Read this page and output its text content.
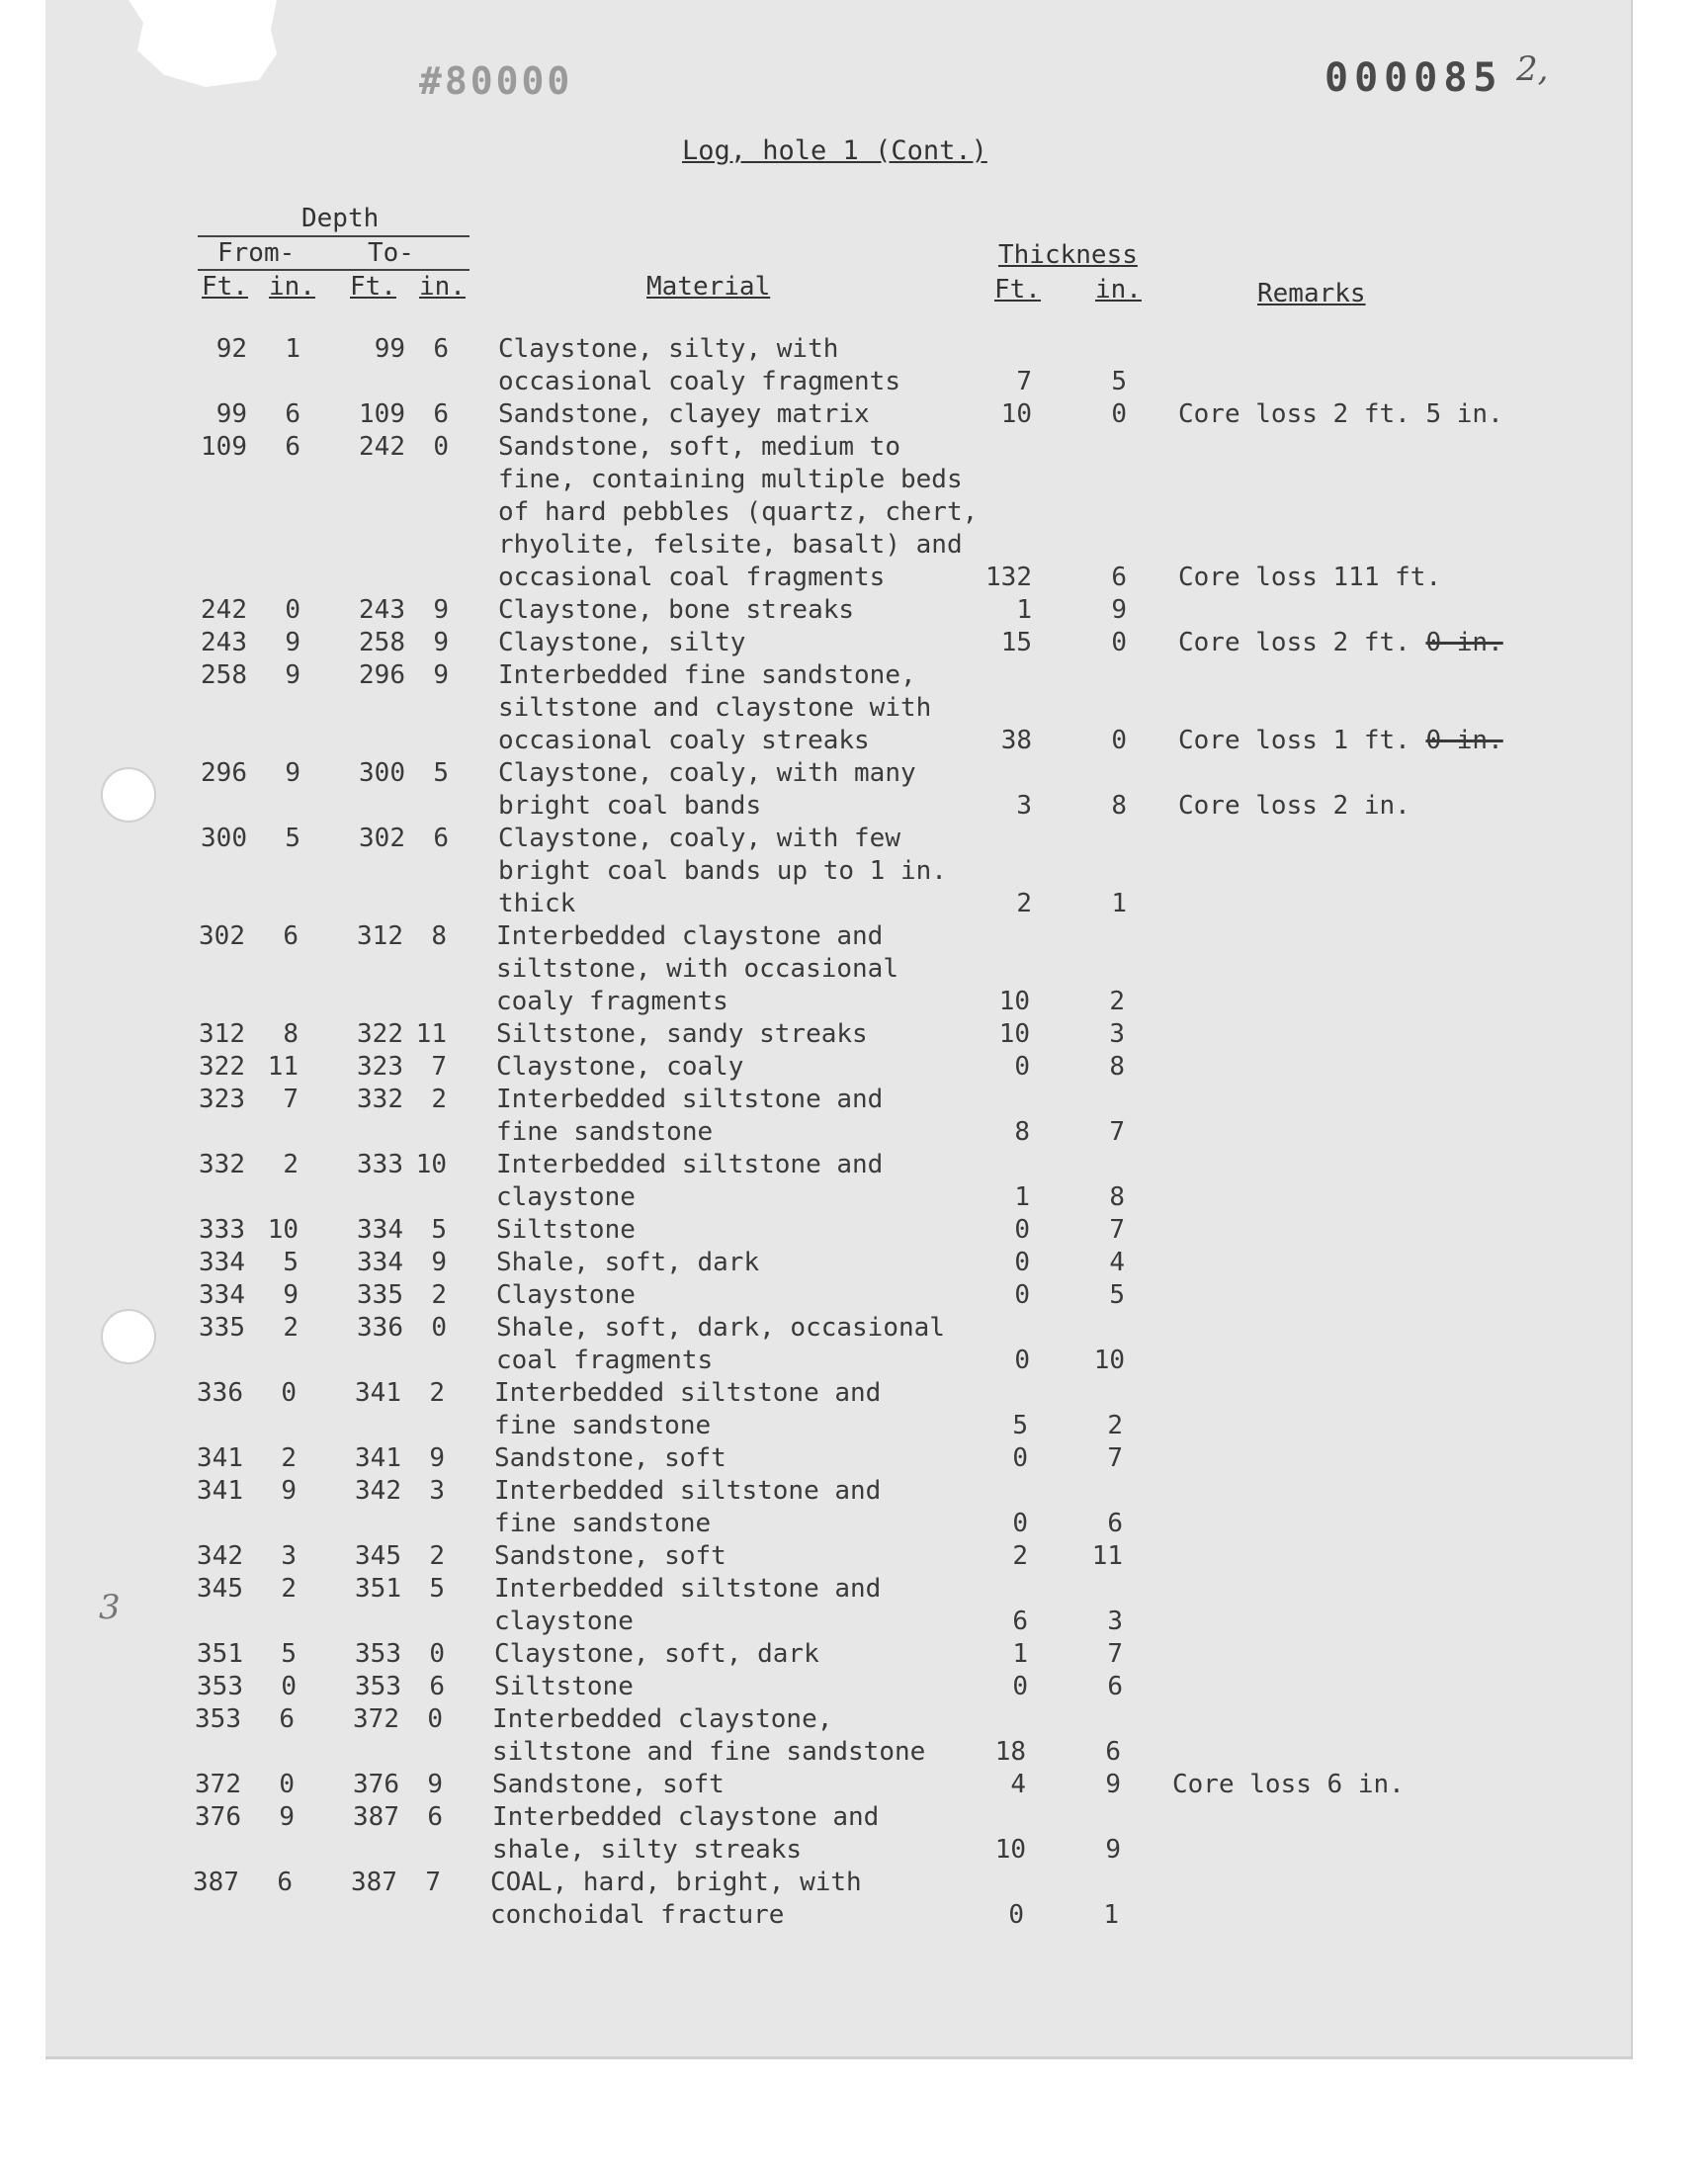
#80000	000085 2,
Log, hole 1 (Cont.)
Depth
From-	To-
Ft. in. Ft. in.	Material
Thickness
Ft. in.	Remarks
92	1	99	6 Claystone, silty, with
occasional coaly fragments	7	5
99	6	109	6 Sandstone, clayey matrix	10	0 Core loss 2 ft. 5 in.
109	6	242	0 Sandstone, soft, medium to
fine, containing multiple beds
of hard pebbles (quartz, chert,
rhyolite, felsite, basalt) and
occasional coal fragments	132	6 Core loss 111 ft.
242	0	243	9 Claystone, bone streaks	1	9
243	9	258	9 Claystone, silty	15	0 Core loss 2 ft. 0 in.
258	9	296	9 Interbedded fine sandstone,
siltstone and claystone with
occasional coaly streaks	38	0 Core loss 1 ft. 0 in.
296	9	300	5 Claystone, coaly, with many
bright coal bands	3	8 Core loss 2 in.
300	5	302	6 Claystone, coaly, with few
bright coal bands up to 1 in.
thick	2	1
302	6	312	8 Interbedded claystone and
siltstone, with occasional
coaly fragments	10	2
312	8	322 11 Siltstone, sandy streaks	10	3
322 11	323	7 Claystone, coaly	0	8
323	7	332	2 Interbedded siltstone and
fine sandstone	8	7
332	2	333 10 Interbedded siltstone and
claystone	1	8
333 10	334	5 Siltstone	0	7
334	5	334	9 Shale, soft, dark	0	4
334	9	335	2 Claystone	0	5
335	2	336	0 Shale, soft, dark, occasional
coal fragments	0	10
336	0	341	2 Interbedded siltstone and
fine sandstone	5	2
341	2	341	9 Sandstone, soft	0	7
341	9	342	3 Interbedded siltstone and
fine sandstone	0	6
342	3	345	2 Sandstone, soft	2	11
345	2	351	5 Interbedded siltstone and
claystone	6	3
351	5	353	0 Claystone, soft, dark	1	7
353	0	353	6 Siltstone	0	6
353	6	372	0 Interbedded claystone,
siltstone and fine sandstone	18	6
372	0	376	9 Sandstone, soft	4	9 Core loss 6 in.
376	9	387	6 Interbedded claystone and
shale, silty streaks	10	9
387	6	387	7 COAL, hard, bright, with
conchoidal fracture	0	1
3
